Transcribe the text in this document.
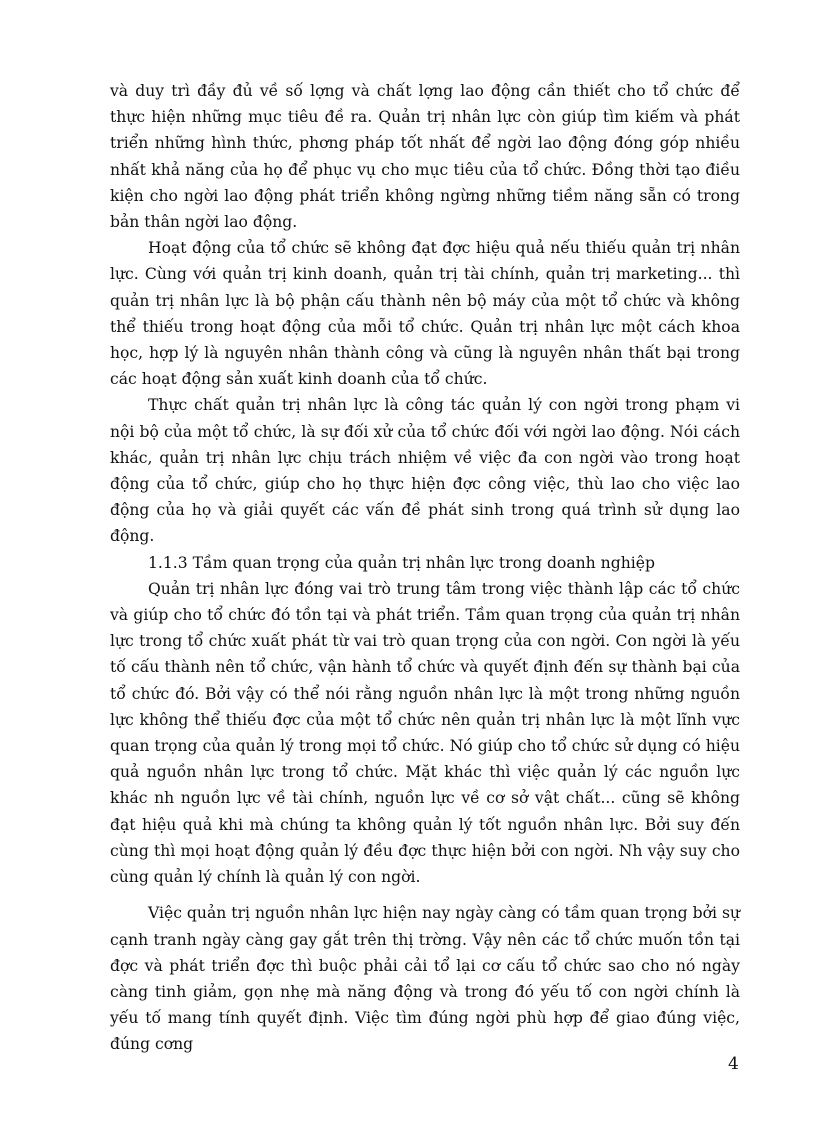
và duy trì đầy đủ về số lợng và chất lợng lao động cần thiết cho tổ chức để thực hiện những mục tiêu đề ra. Quản trị nhân lực còn giúp tìm kiếm và phát triển những hình thức, phơng pháp tốt nhất để ngời lao động đóng góp nhiều nhất khả năng của họ để phục vụ cho mục tiêu của tổ chức. Đồng thời tạo điều kiện cho ngời lao động phát triển không ngừng những tiềm năng sẵn có trong bản thân ngời lao động.

Hoạt động của tổ chức sẽ không đạt đợc hiệu quả nếu thiếu quản trị nhân lực. Cùng với quản trị kinh doanh, quản trị tài chính, quản trị marketing... thì quản trị nhân lực là bộ phận cấu thành nên bộ máy của một tổ chức và không thể thiếu trong hoạt động của mỗi tổ chức. Quản trị nhân lực một cách khoa học, hợp lý là nguyên nhân thành công và cũng là nguyên nhân thất bại trong các hoạt động sản xuất kinh doanh của tổ chức.

Thực chất quản trị nhân lực là công tác quản lý con ngời trong phạm vi nội bộ của một tổ chức, là sự đối xử của tổ chức đối với ngời lao động. Nói cách khác, quản trị nhân lực chịu trách nhiệm về việc đa con ngời vào trong hoạt động của tổ chức, giúp cho họ thực hiện đợc công việc, thù lao cho việc lao động của họ và giải quyết các vấn đề phát sinh trong quá trình sử dụng lao động.

1.1.3 Tầm quan trọng của quản trị nhân lực trong doanh nghiệp

Quản trị nhân lực đóng vai trò trung tâm trong việc thành lập các tổ chức và giúp cho tổ chức đó tồn tại và phát triển. Tầm quan trọng của quản trị nhân lực trong tổ chức xuất phát từ vai trò quan trọng của con ngời. Con ngời là yếu tố cấu thành nên tổ chức, vận hành tổ chức và quyết định đến sự thành bại của tổ chức đó. Bởi vậy có thể nói rằng nguồn nhân lực là một trong những nguồn lực không thể thiếu đợc của một tổ chức nên quản trị nhân lực là một lĩnh vực quan trọng của quản lý trong mọi tổ chức. Nó giúp cho tổ chức sử dụng có hiệu quả nguồn nhân lực trong tổ chức. Mặt khác thì việc quản lý các nguồn lực khác nh nguồn lực về tài chính, nguồn lực về cơ sở vật chất... cũng sẽ không đạt hiệu quả khi mà chúng ta không quản lý tốt nguồn nhân lực. Bởi suy đến cùng thì mọi hoạt động quản lý đều đợc thực hiện bởi con ngời. Nh vậy suy cho cùng quản lý chính là quản lý con ngời.

Việc quản trị nguồn nhân lực hiện nay ngày càng có tầm quan trọng bởi sự cạnh tranh ngày càng gay gắt trên thị trờng. Vậy nên các tổ chức muốn tồn tại đợc và phát triển đợc thì buộc phải cải tổ lại cơ cấu tổ chức sao cho nó ngày càng tinh giảm, gọn nhẹ mà năng động và trong đó yếu tố con ngời chính là yếu tố mang tính quyết định. Việc tìm đúng ngời phù hợp để giao đúng việc, đúng cơng

4
